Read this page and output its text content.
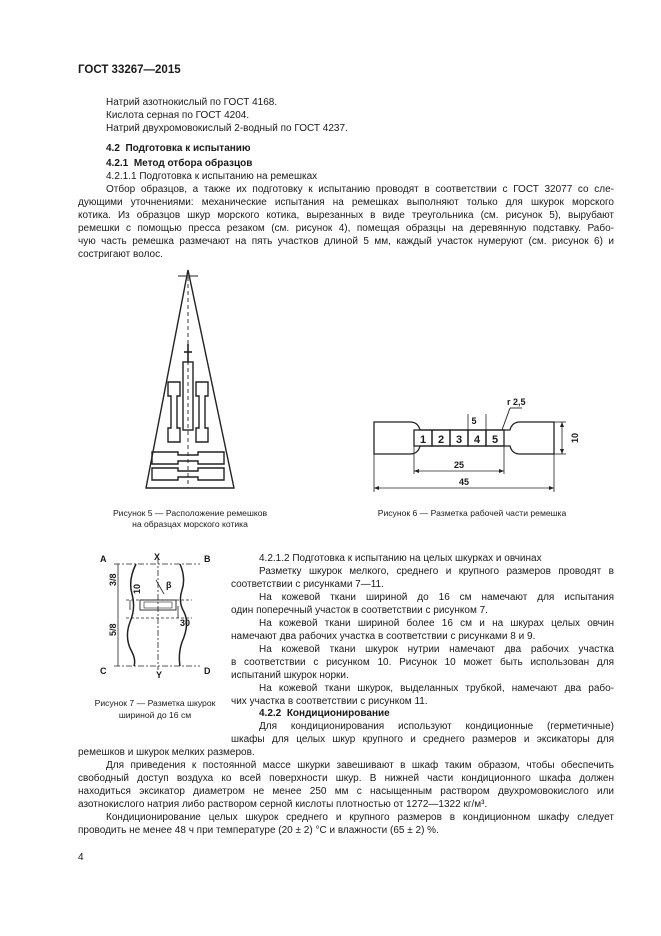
ГОСТ 33267—2015
Натрий азотнокислый по ГОСТ 4168.
Кислота серная по ГОСТ 4204.
Натрий двухромовокислый 2-водный по ГОСТ 4237.
4.2 Подготовка к испытанию
4.2.1 Метод отбора образцов
4.2.1.1 Подготовка к испытанию на ремешках
Отбор образцов, а также их подготовку к испытанию проводят в соответствии с ГОСТ 32077 со сле-
дующими уточнениями: механические испытания на ремешках выполняют только для шкурок морского
котика. Из образцов шкур морского котика, вырезанных в виде треугольника (см. рисунок 5), вырубают
ремешки с помощью пресса резаком (см. рисунок 4), помещая образцы на деревянную подставку. Рабо-
чую часть ремешка размечают на пять участков длиной 5 мм, каждый участок нумеруют (см. рисунок 6) и
состригают волос.
Рисунок 5 — Расположение ремешков
на образцах морского котика
1 2 3 4 5
r 2,5
5
10
25
45
Рисунок 6 — Разметка рабочей части ремешка
A	X	B
C	Y	D
β
3/8
5/8
10
30
Рисунок 7 — Разметка шкурок
шириной до 16 см
4.2.1.2 Подготовка к испытанию на целых шкурках и овчинах
Разметку шкурок мелкого, среднего и крупного размеров проводят в
соответствии с рисунками 7—11.
На кожевой ткани шириной до 16 см намечают для испытания
один поперечный участок в соответствии с рисунком 7.
На кожевой ткани шириной более 16 см и на шкурах целых овчин
намечают два рабочих участка в соответствии с рисунками 8 и 9.
На кожевой ткани шкурок нутрии намечают два рабочих участка
в соответствии с рисунком 10. Рисунок 10 может быть использован для
испытаний шкурок норки.
На кожевой ткани шкурок, выделанных трубкой, намечают два рабо-
чих участка в соответствии с рисунком 11.
4.2.2 Кондиционирование
Для кондиционирования используют кондиционные (герметичные)
шкафы для целых шкур крупного и среднего размеров и эксикаторы для
ремешков и шкурок мелких размеров.
Для приведения к постоянной массе шкурки завешивают в шкаф таким образом, чтобы обеспечить
свободный доступ воздуха ко всей поверхности шкур. В нижней части кондиционного шкафа должен
находиться эксикатор диаметром не менее 250 мм с насыщенным раствором двухромовокислого или
азотнокислого натрия либо раствором серной кислоты плотностью от 1272—1322 кг/м³.
Кондиционирование целых шкурок среднего и крупного размеров в кондиционном шкафу следует
проводить не менее 48 ч при температуре (20 ± 2) °С и влажности (65 ± 2) %.
4
